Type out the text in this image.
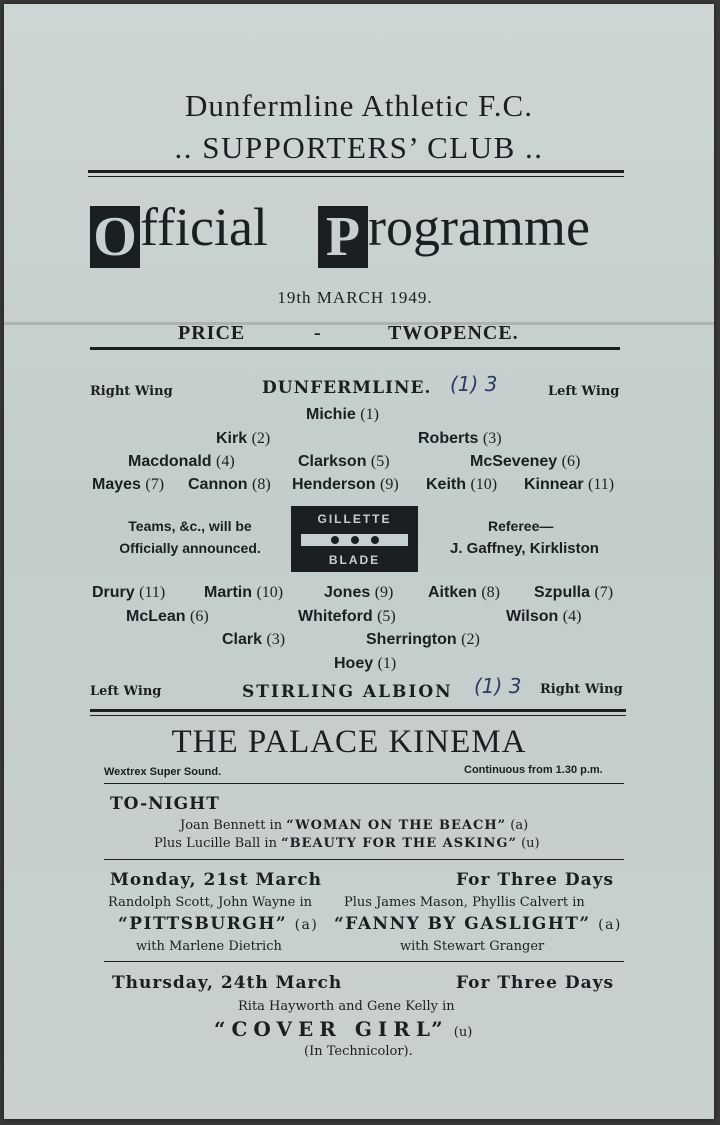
Dunfermline Athletic F.C.
.. SUPPORTERS’ CLUB ..
Official P rogramme
19th MARCH 1949.
PRICE	-	TWOPENCE.
Right Wing	DUNFERMLINE. (1) 3	Left Wing
Michie (1)
Kirk (2)	Roberts (3)
Macdonald (4)	Clarkson (5)	McSeveney (6)
Mayes (7) Cannon (8) Henderson (9) Keith (10) Kinnear (11)
Teams, &c., will be
Officially announced.
GILLETTE
BLADE
Referee—
J. Gaffney, Kirkliston
Drury (11) Martin (10)	Jones (9) Aitken (8) Szpulla (7)
McLean (6)	Whiteford (5)	Wilson (4)
Clark (3)	Sherrington (2)
Hoey (1)
Left Wing	STIRLING ALBION (1) 3 Right Wing
THE PALACE KINEMA
Wextrex Super Sound.	Continuous from 1.30 p.m.
TO-NIGHT
Joan Bennett in “WOMAN ON THE BEACH” (a)
Plus Lucille Ball in “BEAUTY FOR THE ASKING” (u)
Monday, 21st March	For Three Days
Randolph Scott, John Wayne in Plus James Mason, Phyllis Calvert in
“PITTSBURGH” (a) “FANNY BY GASLIGHT” (a)
with Marlene Dietrich	with Stewart Granger
Thursday, 24th March	For Three Days
Rita Hayworth and Gene Kelly in
“COVER GIRL” (u)
(In Technicolor).
